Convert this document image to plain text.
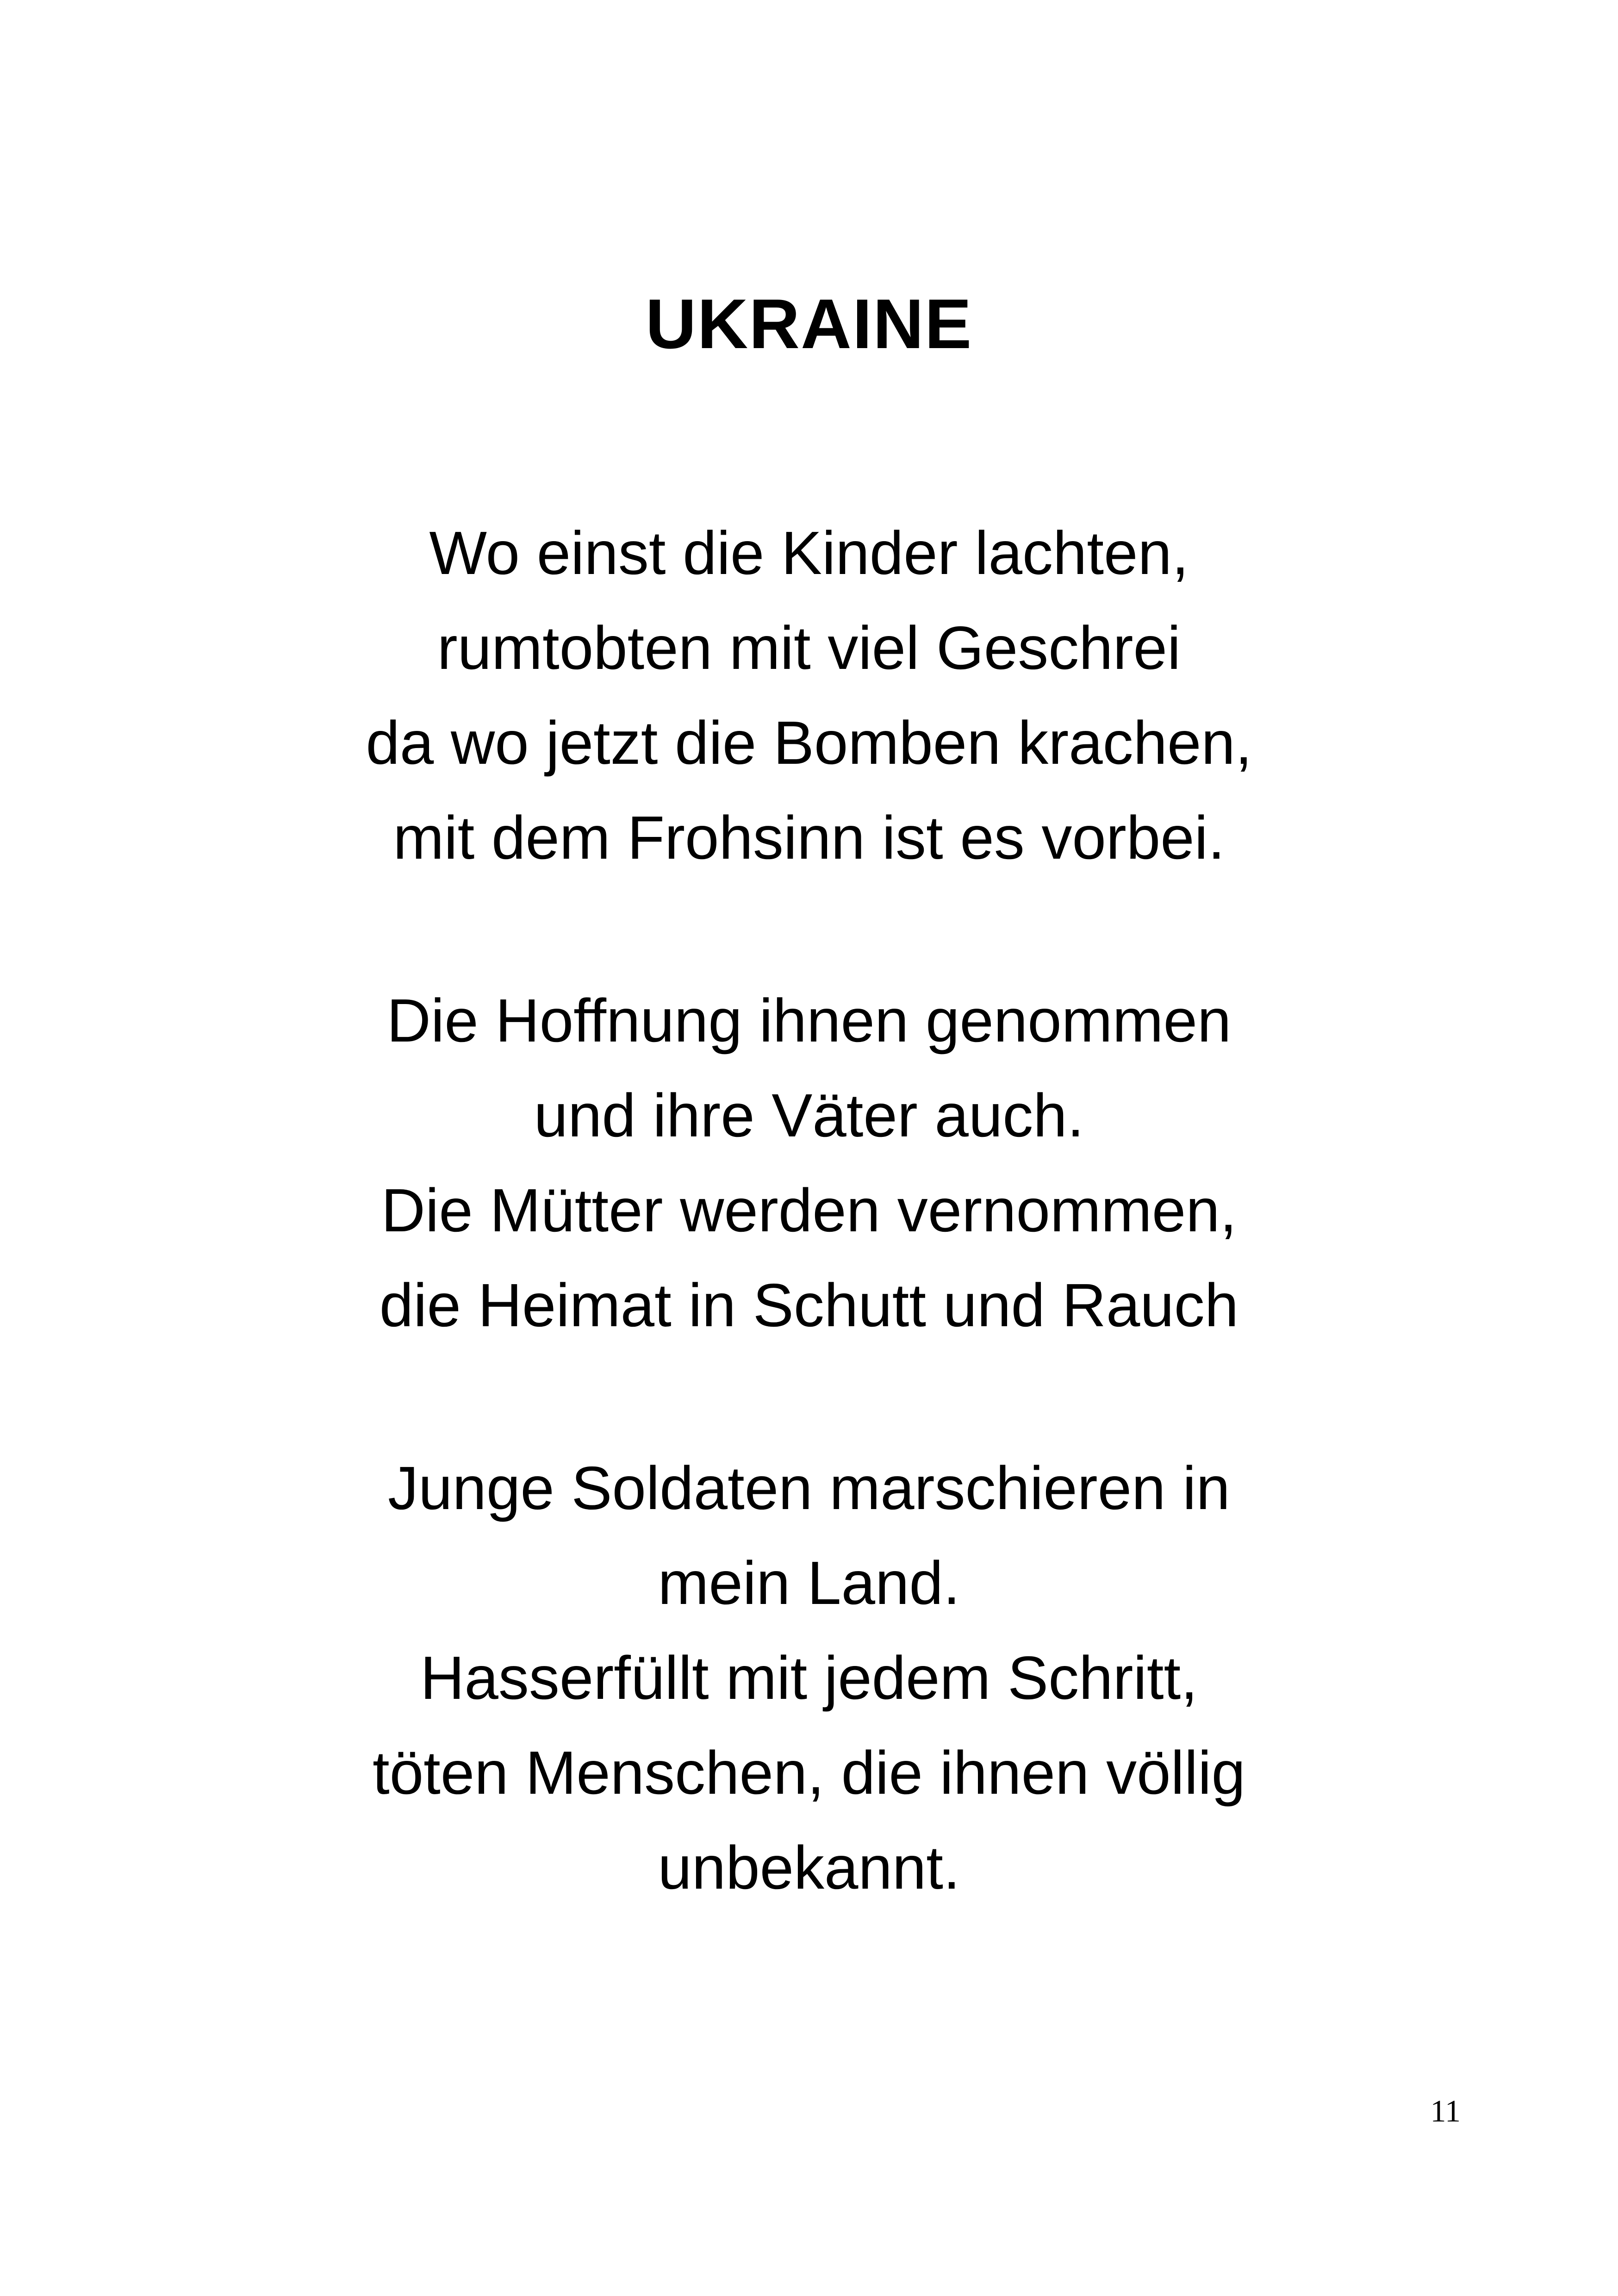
UKRAINE
Wo einst die Kinder lachten,
rumtobten mit viel Geschrei
da wo jetzt die Bomben krachen,
mit dem Frohsinn ist es vorbei.
Die Hoffnung ihnen genommen
und ihre Väter auch.
Die Mütter werden vernommen,
die Heimat in Schutt und Rauch
Junge Soldaten marschieren in
mein Land.
Hasserfüllt mit jedem Schritt,
töten Menschen, die ihnen völlig
unbekannt.
11
